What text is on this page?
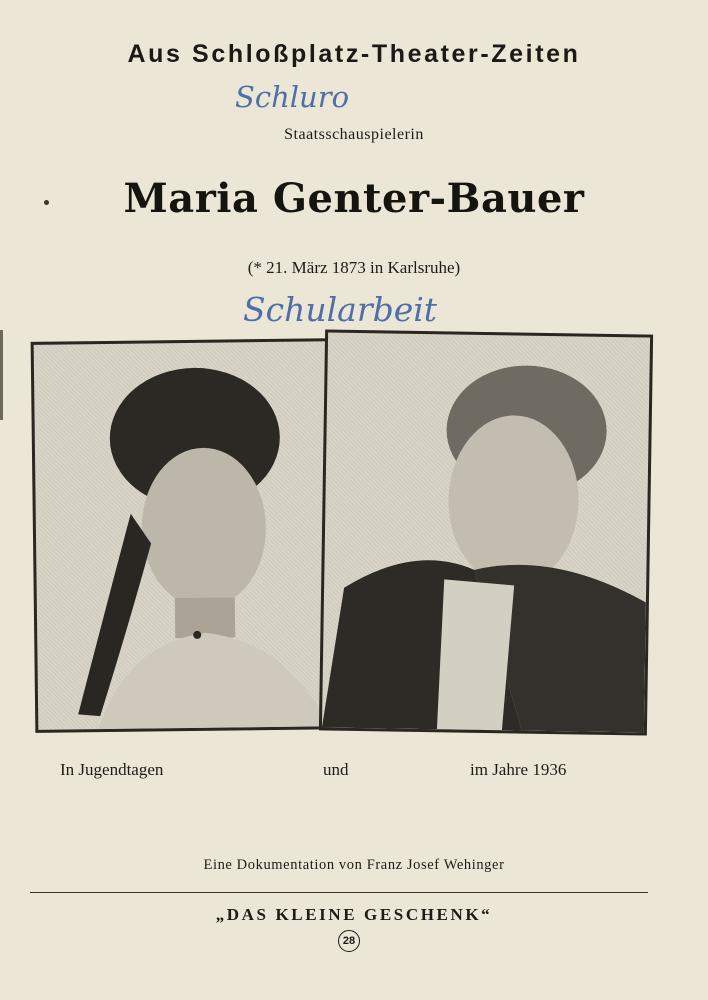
Aus Schloßplatz-Theater-Zeiten
Schluro
Staatsschauspielerin
Maria Genter-Bauer
(* 21. März 1873 in Karlsruhe)
Schularbeit
In Jugendtagen	und	im Jahre 1936
Eine Dokumentation von Franz Josef Wehinger
„DAS KLEINE GESCHENK“
28
